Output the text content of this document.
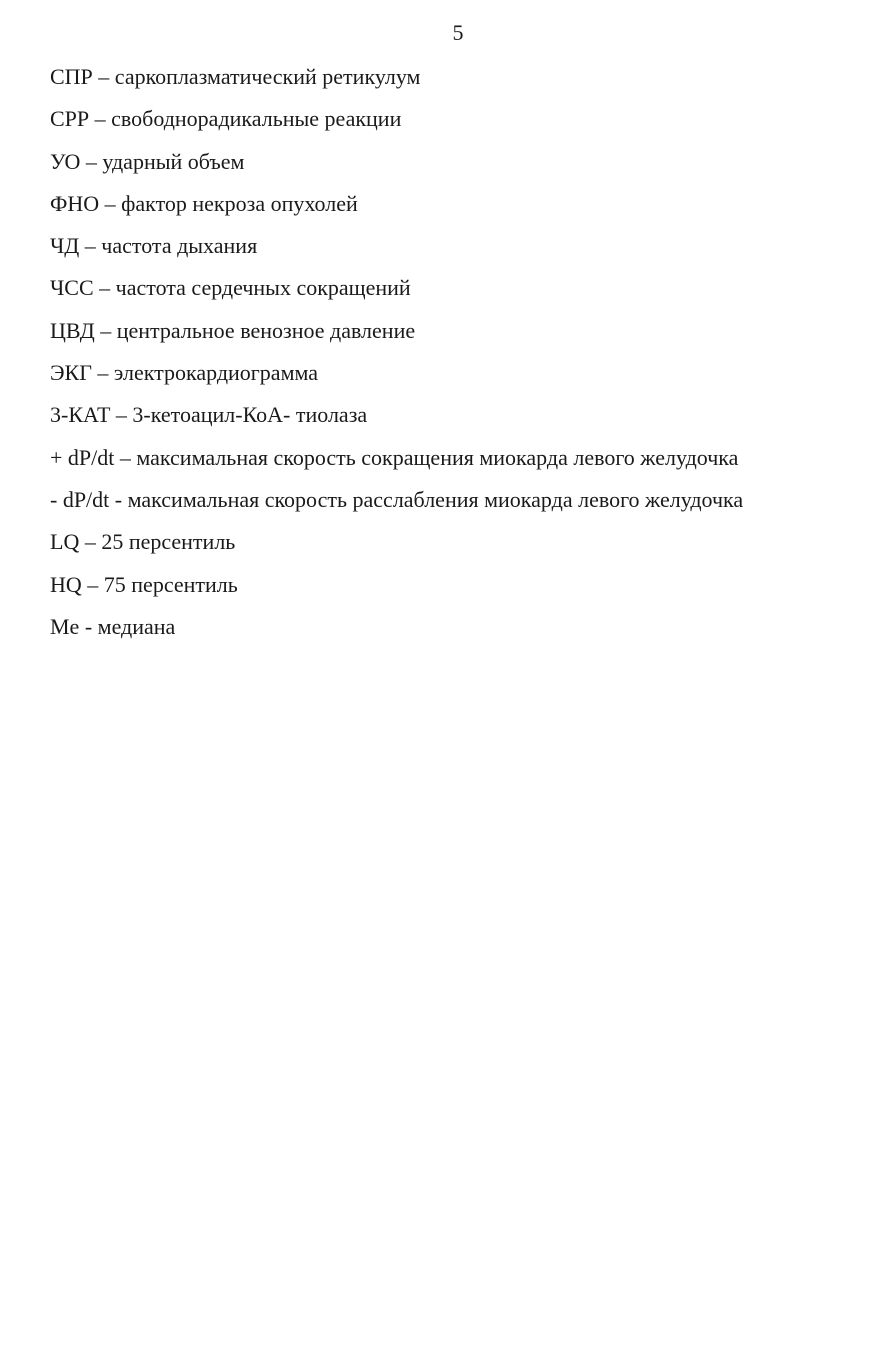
5
СПР – саркоплазматический ретикулум
СРР – свободнорадикальные реакции
УО – ударный объем
ФНО – фактор некроза опухолей
ЧД – частота дыхания
ЧСС – частота сердечных сокращений
ЦВД – центральное венозное давление
ЭКГ – электрокардиограмма
3-КАТ – 3-кетоацил-КоА- тиолаза
+ dP/dt – максимальная скорость сокращения миокарда левого желудочка
- dP/dt - максимальная скорость расслабления миокарда левого желудочка
LQ – 25 персентиль
HQ – 75 персентиль
Me - медиана
